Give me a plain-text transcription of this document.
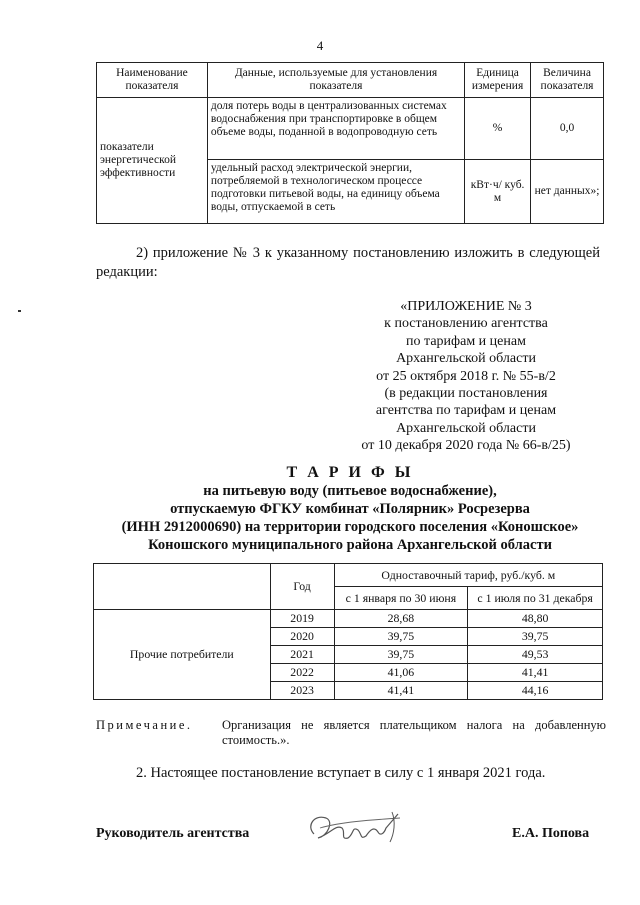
4
Наименование показателя	Данные, используемые для установления показателя	Единица измерения	Величина показателя
показатели энергетической эффективности	доля потерь воды в централизованных системах водоснабжения при транспортировке в общем объеме воды, поданной в водопроводную сеть	%	0,0
	удельный расход электрической энергии, потребляемой в технологическом процессе подготовки питьевой воды, на единицу объема воды, отпускаемой в сеть	кВт·ч/ куб. м	нет данных»;
2) приложение № 3 к указанному постановлению изложить в следующей редакции:
«ПРИЛОЖЕНИЕ № 3
к постановлению агентства
по тарифам и ценам
Архангельской области
от 25 октября 2018 г. № 55-в/2
(в редакции постановления
агентства по тарифам и ценам
Архангельской области
от 10 декабря 2020 года № 66-в/25)
Т А Р И Ф Ы
на питьевую воду (питьевое водоснабжение),
отпускаемую ФГКУ комбинат «Полярник» Росрезерва
(ИНН 2912000690) на территории городского поселения «Коношское»
Коношского муниципального района Архангельской области
	Год	Одноставочный тариф, руб./куб. м	
		с 1 января по 30 июня	с 1 июля по 31 декабря
Прочие потребители	2019	28,68	48,80
	2020	39,75	39,75
	2021	39,75	49,53
	2022	41,06	41,41
	2023	41,41	44,16
Примечание. Организация не является плательщиком налога на добавленную стоимость.».
2. Настоящее постановление вступает в силу с 1 января 2021 года.
Руководитель агентства	Е.А. Попова
